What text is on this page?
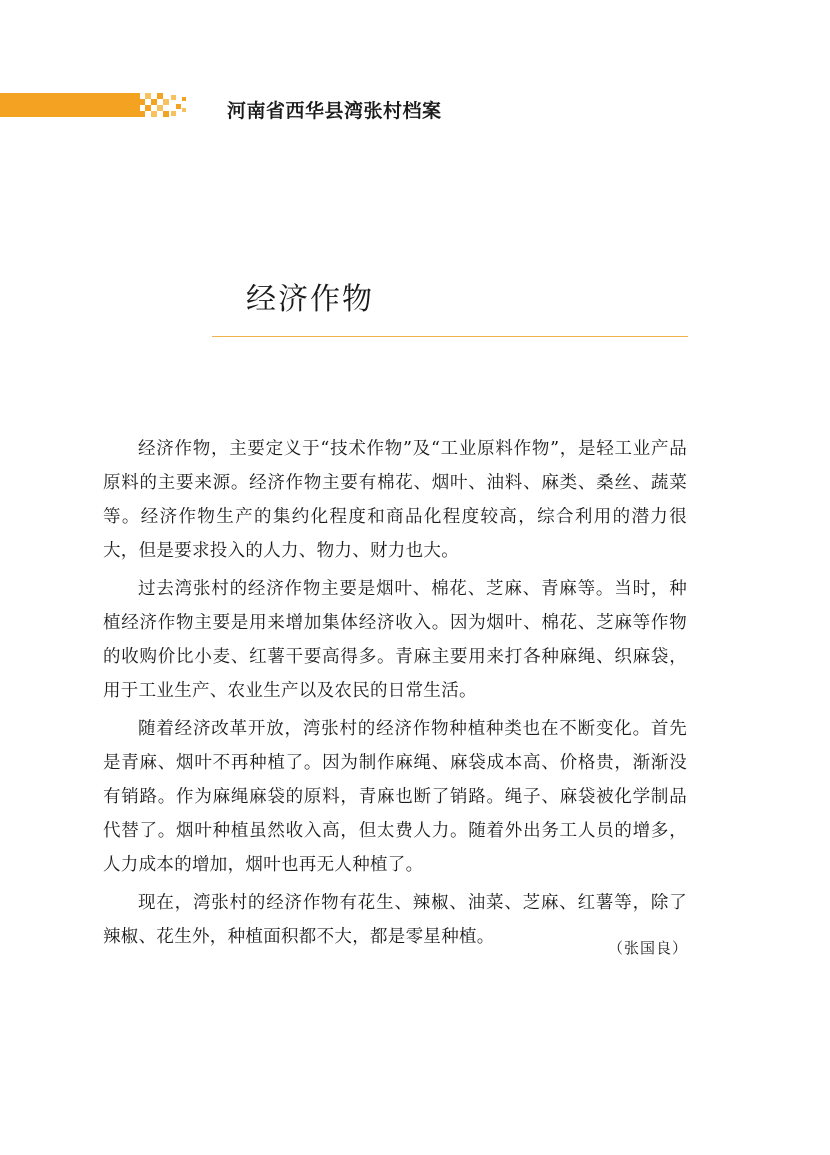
河南省西华县湾张村档案
经济作物

经济作物，主要定义于“技术作物”及“工业原料作物”，是轻工业产品原料的主要来源。经济作物主要有棉花、烟叶、油料、麻类、桑丝、蔬菜等。经济作物生产的集约化程度和商品化程度较高，综合利用的潜力很大，但是要求投入的人力、物力、财力也大。

过去湾张村的经济作物主要是烟叶、棉花、芝麻、青麻等。当时，种植经济作物主要是用来增加集体经济收入。因为烟叶、棉花、芝麻等作物的收购价比小麦、红薯干要高得多。青麻主要用来打各种麻绳、织麻袋，用于工业生产、农业生产以及农民的日常生活。

随着经济改革开放，湾张村的经济作物种植种类也在不断变化。首先是青麻、烟叶不再种植了。因为制作麻绳、麻袋成本高、价格贵，渐渐没有销路。作为麻绳麻袋的原料，青麻也断了销路。绳子、麻袋被化学制品代替了。烟叶种植虽然收入高，但太费人力。随着外出务工人员的增多，人力成本的增加，烟叶也再无人种植了。

现在，湾张村的经济作物有花生、辣椒、油菜、芝麻、红薯等，除了辣椒、花生外，种植面积都不大，都是零星种植。

（张国良）
